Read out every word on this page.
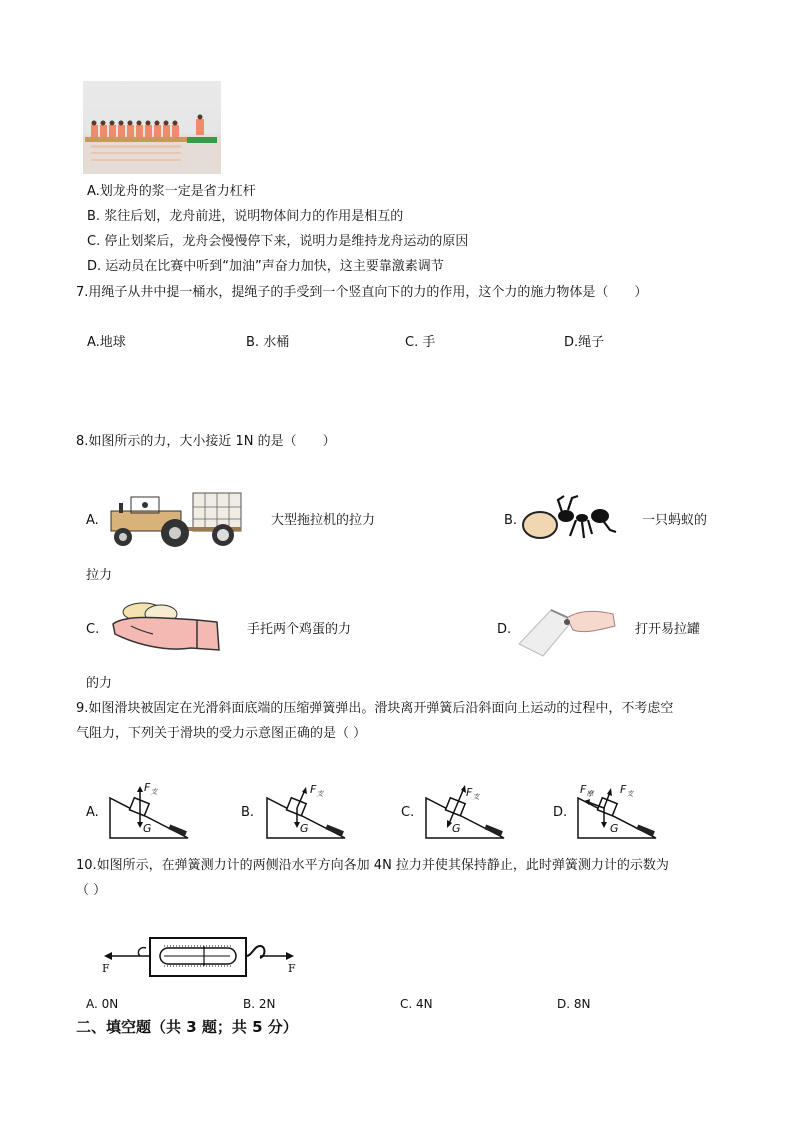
A.划龙舟的浆一定是省力杠杆
B. 浆往后划，龙舟前进，说明物体间力的作用是相互的
C. 停止划桨后，龙舟会慢慢停下来，说明力是维持龙舟运动的原因
D. 运动员在比赛中听到“加油”声奋力加快，这主要靠激素调节
7.用绳子从井中提一桶水，提绳子的手受到一个竖直向下的力的作用，这个力的施力物体是（　　）
A.地球	B. 水桶	C. 手	D.绳子
8.如图所示的力，大小接近 1N 的是（　　）
A.	大型拖拉机的拉力	B.	一只蚂蚁的
拉力
C.	手托两个鸡蛋的力	D.	打开易拉罐
的力
9.如图滑块被固定在光滑斜面底端的压缩弹簧弹出。滑块离开弹簧后沿斜面向上运动的过程中，不考虑空
气阻力，下列关于滑块的受力示意图正确的是（ ）
A.
$F_支$
G
B.
$F_支$
G
C.
$F_支$
G
D.
$F_摩$ $F_支$
G
10.如图所示，在弹簧测力计的两侧沿水平方向各加 4N 拉力并使其保持静止，此时弹簧测力计的示数为
（ ）
F	F
A. 0N	B. 2N	C. 4N	D. 8N
二、填空题（共 3 题；共 5 分）
